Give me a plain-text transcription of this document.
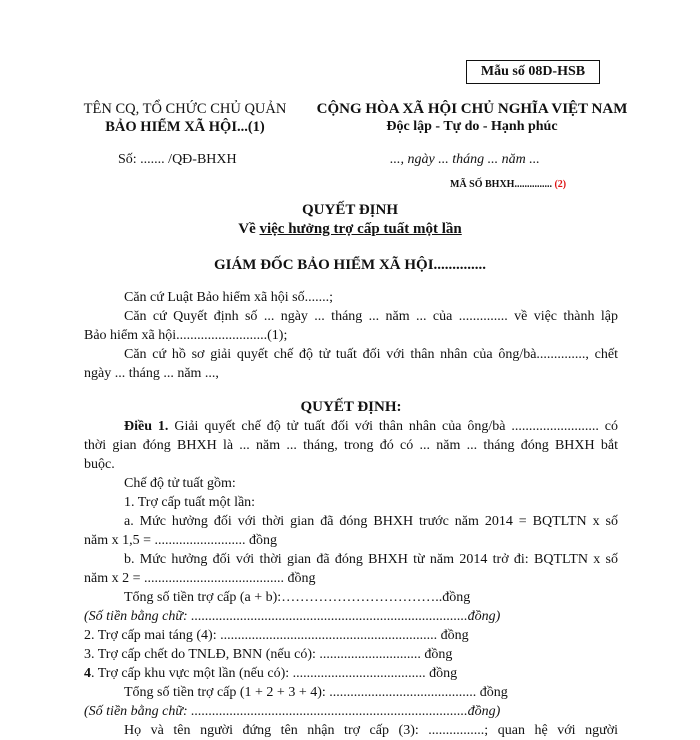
Mẫu số 08D-HSB
TÊN CQ, TỔ CHỨC CHỦ QUẢN
BẢO HIỂM XÃ HỘI...(1)
CỘNG HÒA XÃ HỘI CHỦ NGHĨA VIỆT NAM
Độc lập - Tự do - Hạnh phúc
Số: ....... /QĐ-BHXH	..., ngày ... tháng ... năm ...
MÃ SỐ BHXH............... (2)
QUYẾT ĐỊNH
Về việc hưởng trợ cấp tuất một lần
GIÁM ĐỐC BẢO HIỂM XÃ HỘI..............

Căn cứ Luật Bảo hiểm xã hội số.......;

Căn cứ Quyết định số ... ngày ... tháng ... năm ... của .............. về việc thành lập

Bảo hiểm xã hội..........................(1);

Căn cứ hồ sơ giải quyết chế độ tử tuất đối với thân nhân của ông/bà.............., chết

ngày ... tháng ... năm ...,

QUYẾT ĐỊNH:

Điều 1. Giải quyết chế độ tử tuất đối với thân nhân của ông/bà ......................... có

thời gian đóng BHXH là ... năm ... tháng, trong đó có ... năm ... tháng đóng BHXH bắt

buộc.

Chế độ tử tuất gồm:

1. Trợ cấp tuất một lần:

a. Mức hưởng đối với thời gian đã đóng BHXH trước năm 2014 = BQTLTN x số

năm x 1,5 = .......................... đồng

b. Mức hưởng đối với thời gian đã đóng BHXH từ năm 2014 trở đi: BQTLTN x số

năm x 2 = ........................................ đồng

Tổng số tiền trợ cấp (a + b):……………………………..đồng

(Số tiền bằng chữ: ...............................................................................đồng)

2. Trợ cấp mai táng (4): .............................................................. đồng

3. Trợ cấp chết do TNLĐ, BNN (nếu có): ............................. đồng

4. Trợ cấp khu vực một lần (nếu có): ...................................... đồng

Tổng số tiền trợ cấp (1 + 2 + 3 + 4): .......................................... đồng

(Số tiền bằng chữ: ...............................................................................đồng)

Họ và tên người đứng tên nhận trợ cấp (3): ................; quan hệ với người
